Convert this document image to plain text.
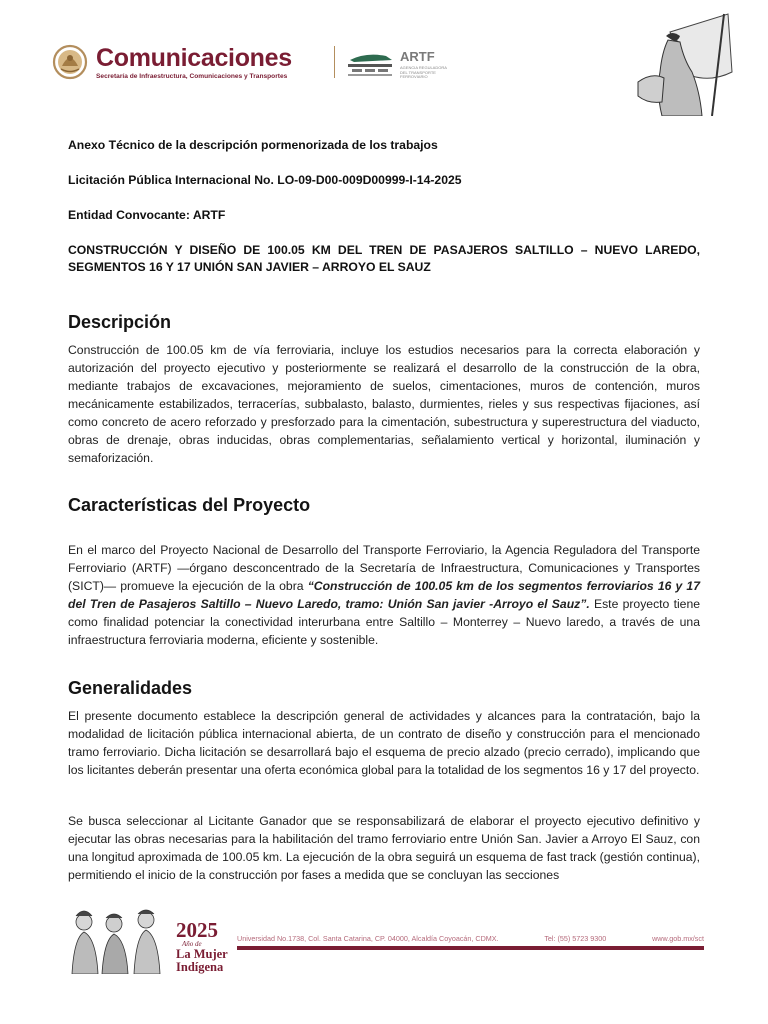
Comunicaciones
Secretaría de Infraestructura, Comunicaciones y Transportes
ARTF
AGENCIA REGULADORA DEL TRANSPORTE FERROVIARIO
Anexo Técnico de la descripción pormenorizada de los trabajos
Licitación Pública Internacional No. LO-09-D00-009D00999-I-14-2025
Entidad Convocante: ARTF
CONSTRUCCIÓN Y DISEÑO DE 100.05 KM DEL TREN DE PASAJEROS SALTILLO – NUEVO LAREDO, SEGMENTOS 16 Y 17 UNIÓN SAN JAVIER – ARROYO EL SAUZ
Descripción
Construcción de 100.05 km de vía ferroviaria, incluye los estudios necesarios para la correcta elaboración y autorización del proyecto ejecutivo y posteriormente se realizará el desarrollo de la construcción de la obra, mediante trabajos de excavaciones, mejoramiento de suelos, cimentaciones, muros de contención, muros mecánicamente estabilizados, terracerías, subbalasto, balasto, durmientes, rieles y sus respectivas fijaciones, así como concreto de acero reforzado y presforzado para la cimentación, subestructura y superestructura del viaducto, obras de drenaje, obras inducidas, obras complementarias, señalamiento vertical y horizontal, iluminación y semaforización.
Características del Proyecto
En el marco del Proyecto Nacional de Desarrollo del Transporte Ferroviario, la Agencia Reguladora del Transporte Ferroviario (ARTF) —órgano desconcentrado de la Secretaría de Infraestructura, Comunicaciones y Transportes (SICT)— promueve la ejecución de la obra “Construcción de 100.05 km de los segmentos ferroviarios 16 y 17 del Tren de Pasajeros Saltillo – Nuevo Laredo, tramo: Unión San javier -Arroyo el Sauz”. Este proyecto tiene como finalidad potenciar la conectividad interurbana entre Saltillo – Monterrey – Nuevo laredo, a través de una infraestructura ferroviaria moderna, eficiente y sostenible.
Generalidades
El presente documento establece la descripción general de actividades y alcances para la contratación, bajo la modalidad de licitación pública internacional abierta, de un contrato de diseño y construcción para el mencionado tramo ferroviario. Dicha licitación se desarrollará bajo el esquema de precio alzado (precio cerrado), implicando que los licitantes deberán presentar una oferta económica global para la totalidad de los segmentos 16 y 17 del proyecto.
Se busca seleccionar al Licitante Ganador que se responsabilizará de elaborar el proyecto ejecutivo definitivo y ejecutar las obras necesarias para la habilitación del tramo ferroviario entre Unión San. Javier a Arroyo El Sauz, con una longitud aproximada de 100.05 km. La ejecución de la obra seguirá un esquema de fast track (gestión continua), permitiendo el inicio de la construcción por fases a medida que se concluyan las secciones
2025
Año de
La Mujer
Indígena
Universidad No.1738, Col. Santa Catarina, CP. 04000, Alcaldía Coyoacán, CDMX.	Tel: (55) 5723 9300	www.gob.mx/sct
